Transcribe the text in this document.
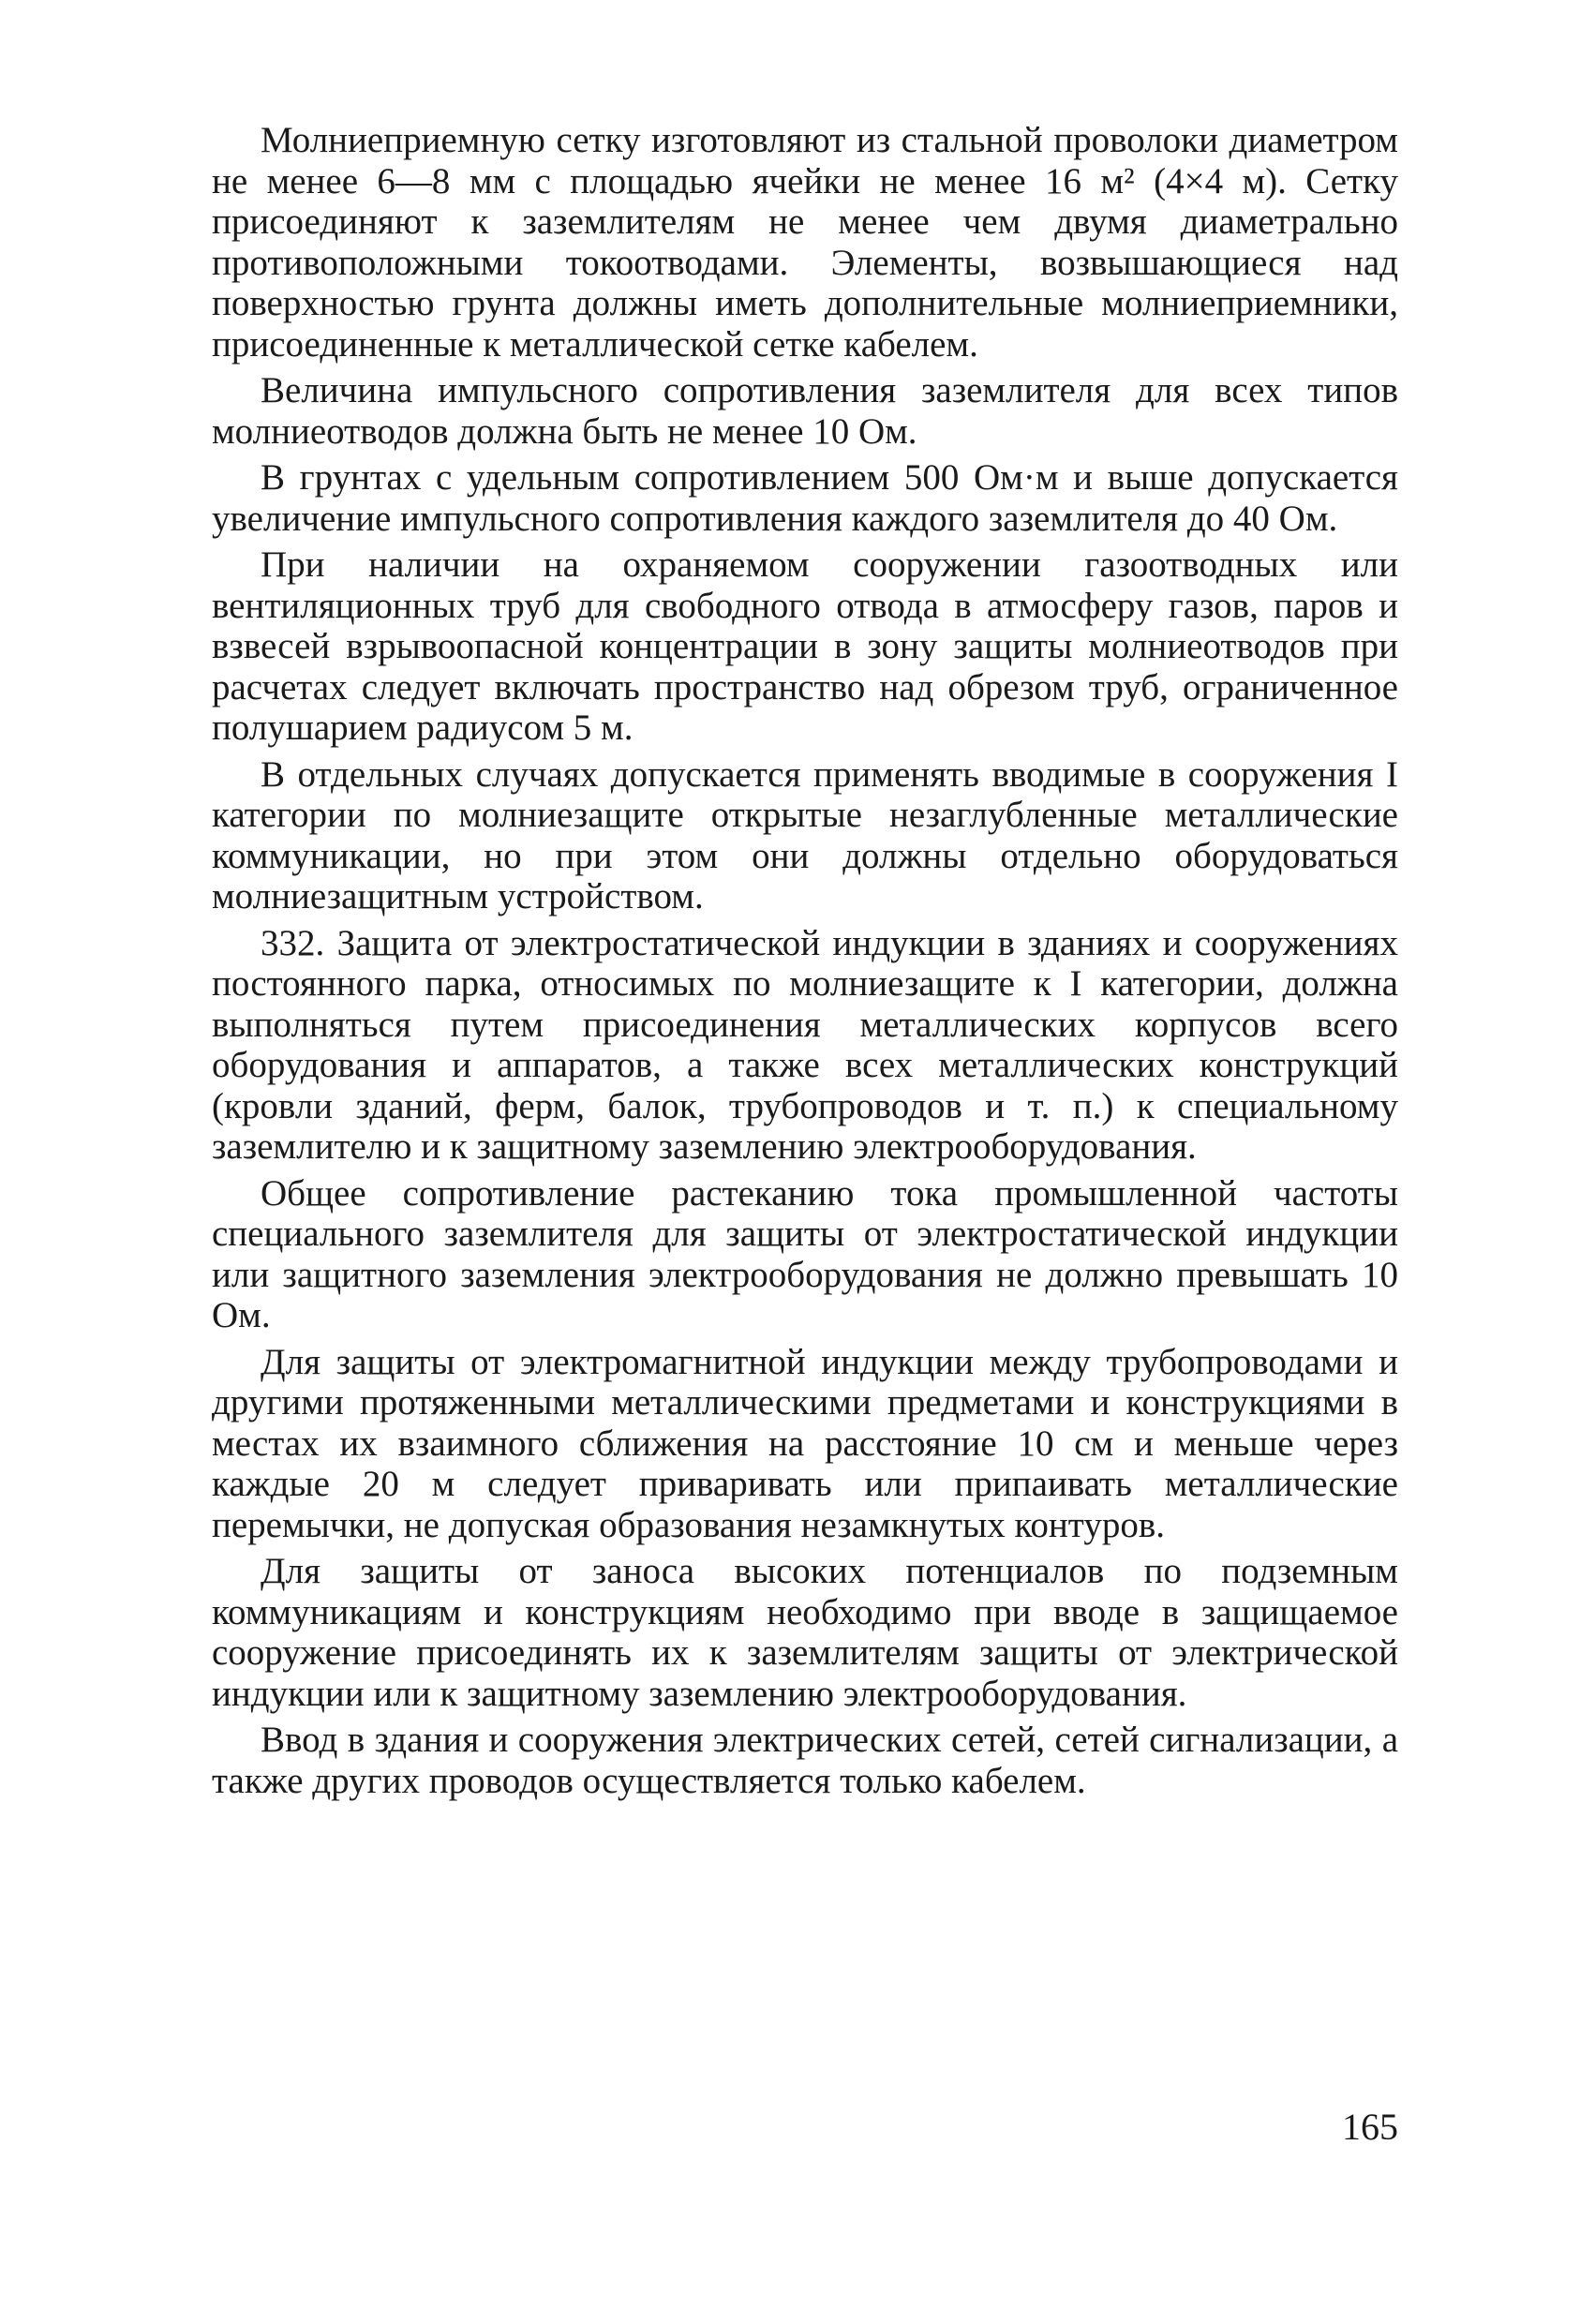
Молниеприемную сетку изготовляют из стальной проволоки диаметром не менее 6—8 мм с площадью ячейки не менее 16 м² (4×4 м). Сетку присоединяют к заземлителям не менее чем двумя диаметрально противоположными токоотводами. Элементы, возвышающиеся над поверхностью грунта должны иметь дополнительные молниеприемники, присоединенные к металлической сетке кабелем.

Величина импульсного сопротивления заземлителя для всех типов молниеотводов должна быть не менее 10 Ом.

В грунтах с удельным сопротивлением 500 Ом·м и выше допускается увеличение импульсного сопротивления каждого заземлителя до 40 Ом.

При наличии на охраняемом сооружении газоотводных или вентиляционных труб для свободного отвода в атмосферу газов, паров и взвесей взрывоопасной концентрации в зону защиты молниеотводов при расчетах следует включать пространство над обрезом труб, ограниченное полушарием радиусом 5 м.

В отдельных случаях допускается применять вводимые в сооружения I категории по молниезащите открытые незаглубленные металлические коммуникации, но при этом они должны отдельно оборудоваться молниезащитным устройством.

332. Защита от электростатической индукции в зданиях и сооружениях постоянного парка, относимых по молниезащите к I категории, должна выполняться путем присоединения металлических корпусов всего оборудования и аппаратов, а также всех металлических конструкций (кровли зданий, ферм, балок, трубопроводов и т. п.) к специальному заземлителю и к защитному заземлению электрооборудования.

Общее сопротивление растеканию тока промышленной частоты специального заземлителя для защиты от электростатической индукции или защитного заземления электрооборудования не должно превышать 10 Ом.

Для защиты от электромагнитной индукции между трубопроводами и другими протяженными металлическими предметами и конструкциями в местах их взаимного сближения на расстояние 10 см и меньше через каждые 20 м следует приваривать или припаивать металлические перемычки, не допуская образования незамкнутых контуров.

Для защиты от заноса высоких потенциалов по подземным коммуникациям и конструкциям необходимо при вводе в защищаемое сооружение присоединять их к заземлителям защиты от электрической индукции или к защитному заземлению электрооборудования.

Ввод в здания и сооружения электрических сетей, сетей сигнализации, а также других проводов осуществляется только кабелем.

165
